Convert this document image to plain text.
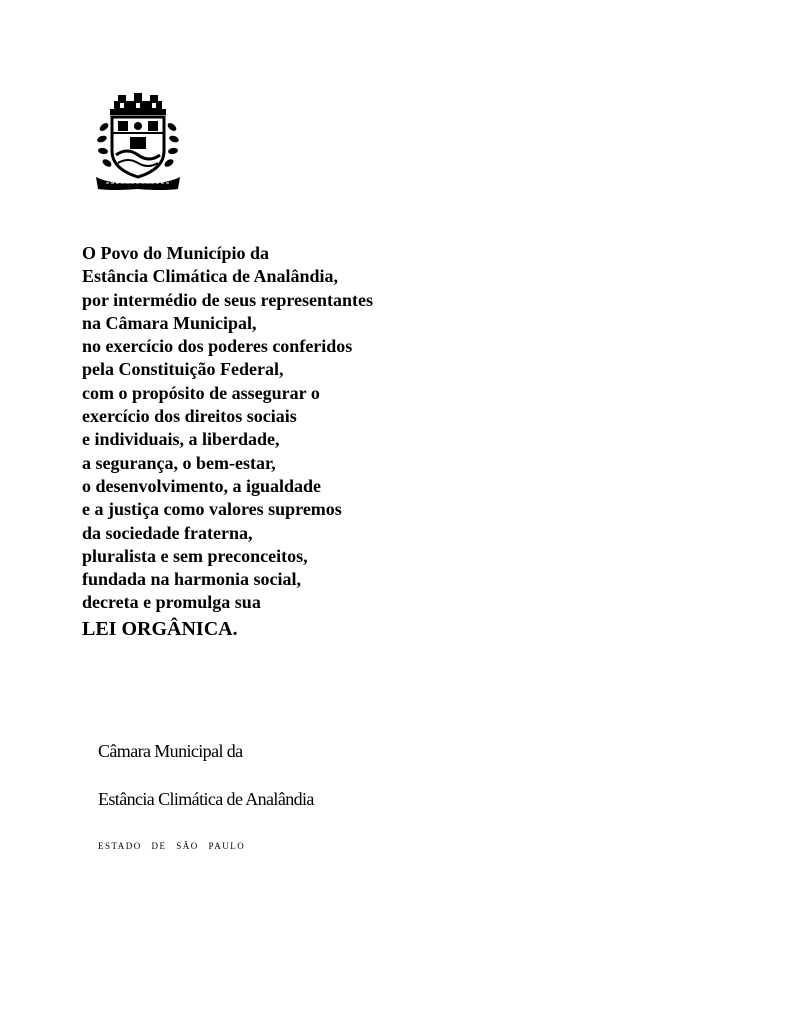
O Povo do Município da
Estância Climática de Analândia,
por intermédio de seus representantes
na Câmara Municipal,
no exercício dos poderes conferidos
pela Constituição Federal,
com o propósito de assegurar o
exercício dos direitos sociais
e individuais, a liberdade,
a segurança, o bem-estar,
o desenvolvimento, a igualdade
e a justiça como valores supremos
da sociedade fraterna,
pluralista e sem preconceitos,
fundada na harmonia social,
decreta e promulga sua
LEI ORGÂNICA.
Câmara Municipal da
Estância Climática de Analândia
ESTADO DE SÃO PAULO
